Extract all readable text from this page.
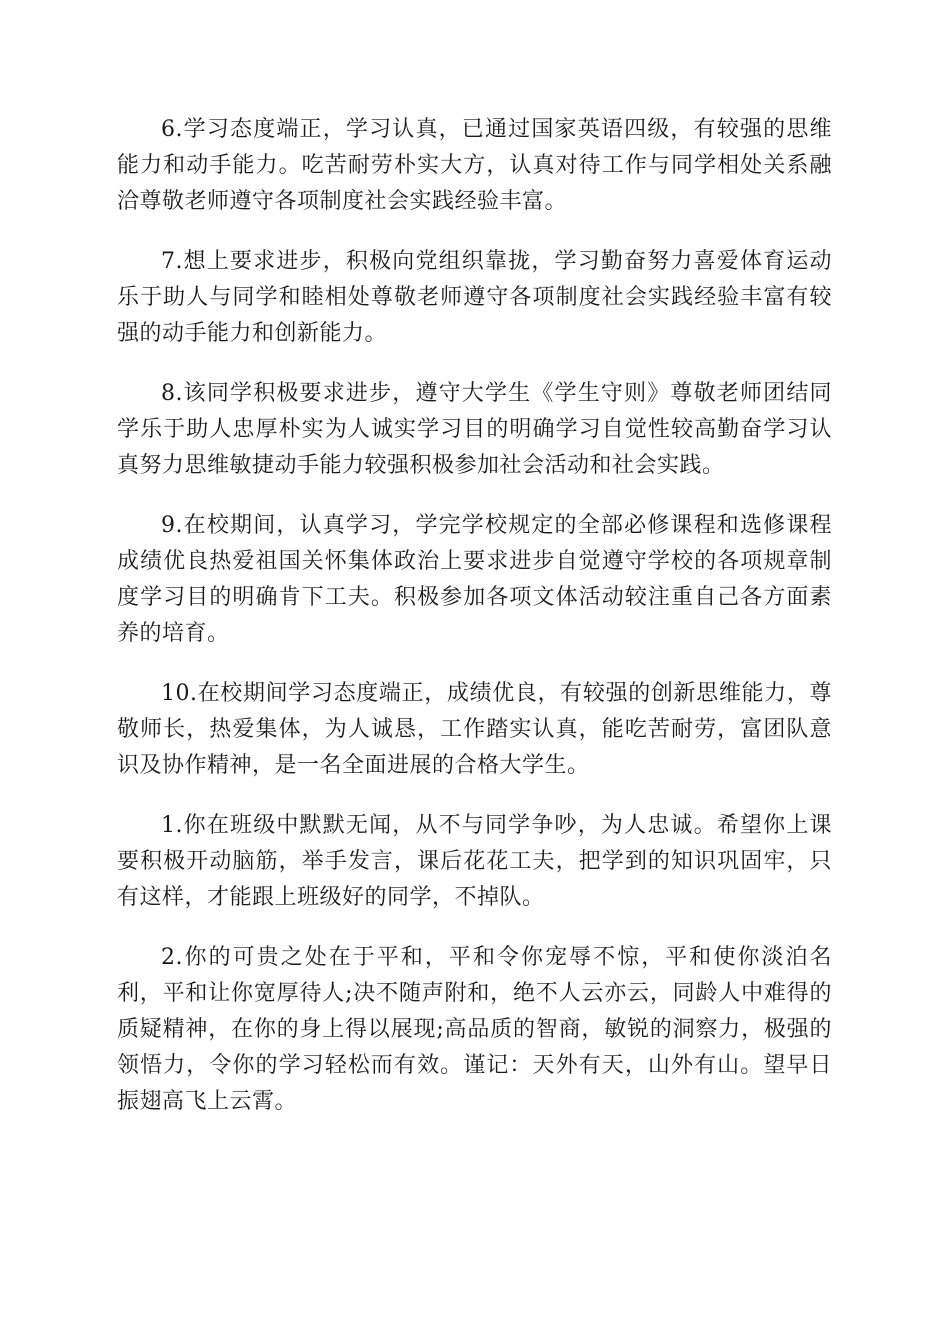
6.学习态度端正，学习认真，已通过国家英语四级，有较强的思维能力和动手能力。吃苦耐劳朴实大方，认真对待工作与同学相处关系融洽尊敬老师遵守各项制度社会实践经验丰富。

7.想上要求进步，积极向党组织靠拢，学习勤奋努力喜爱体育运动乐于助人与同学和睦相处尊敬老师遵守各项制度社会实践经验丰富有较强的动手能力和创新能力。

8.该同学积极要求进步，遵守大学生《学生守则》尊敬老师团结同学乐于助人忠厚朴实为人诚实学习目的明确学习自觉性较高勤奋学习认真努力思维敏捷动手能力较强积极参加社会活动和社会实践。

9.在校期间，认真学习，学完学校规定的全部必修课程和选修课程成绩优良热爱祖国关怀集体政治上要求进步自觉遵守学校的各项规章制度学习目的明确肯下工夫。积极参加各项文体活动较注重自己各方面素养的培育。

10.在校期间学习态度端正，成绩优良，有较强的创新思维能力，尊敬师长，热爱集体，为人诚恳，工作踏实认真，能吃苦耐劳，富团队意识及协作精神，是一名全面进展的合格大学生。

1.你在班级中默默无闻，从不与同学争吵，为人忠诚。希望你上课要积极开动脑筋，举手发言，课后花花工夫，把学到的知识巩固牢，只有这样，才能跟上班级好的同学，不掉队。

2.你的可贵之处在于平和，平和令你宠辱不惊，平和使你淡泊名利，平和让你宽厚待人;决不随声附和，绝不人云亦云，同龄人中难得的质疑精神，在你的身上得以展现;高品质的智商，敏锐的洞察力，极强的领悟力，令你的学习轻松而有效。谨记：天外有天，山外有山。望早日振翅高飞上云霄。
